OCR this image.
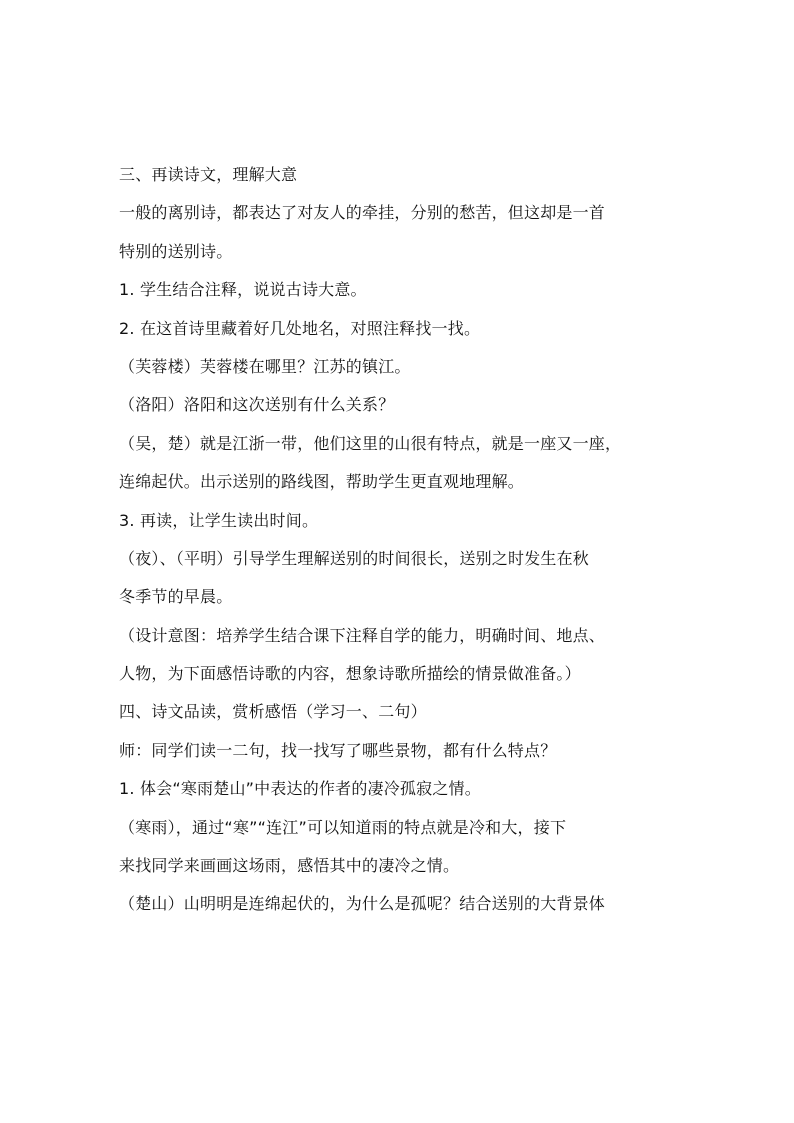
三、再读诗文，理解大意
一般的离别诗，都表达了对友人的牵挂，分别的愁苦，但这却是一首
特别的送别诗。
1. 学生结合注释，说说古诗大意。
2. 在这首诗里藏着好几处地名，对照注释找一找。
（芙蓉楼）芙蓉楼在哪里？江苏的镇江。
（洛阳）洛阳和这次送别有什么关系？
（吴，楚）就是江浙一带，他们这里的山很有特点，就是一座又一座，
连绵起伏。出示送别的路线图，帮助学生更直观地理解。
3. 再读，让学生读出时间。
（夜）、（平明）引导学生理解送别的时间很长，送别之时发生在秋
冬季节的早晨。
（设计意图：培养学生结合课下注释自学的能力，明确时间、地点、
人物，为下面感悟诗歌的内容，想象诗歌所描绘的情景做准备。）
四、诗文品读，赏析感悟（学习一、二句）
师：同学们读一二句，找一找写了哪些景物，都有什么特点？
1. 体会“寒雨楚山”中表达的作者的凄冷孤寂之情。
（寒雨），通过“寒”“连江”可以知道雨的特点就是冷和大，接下
来找同学来画画这场雨，感悟其中的凄冷之情。
（楚山）山明明是连绵起伏的，为什么是孤呢？结合送别的大背景体
